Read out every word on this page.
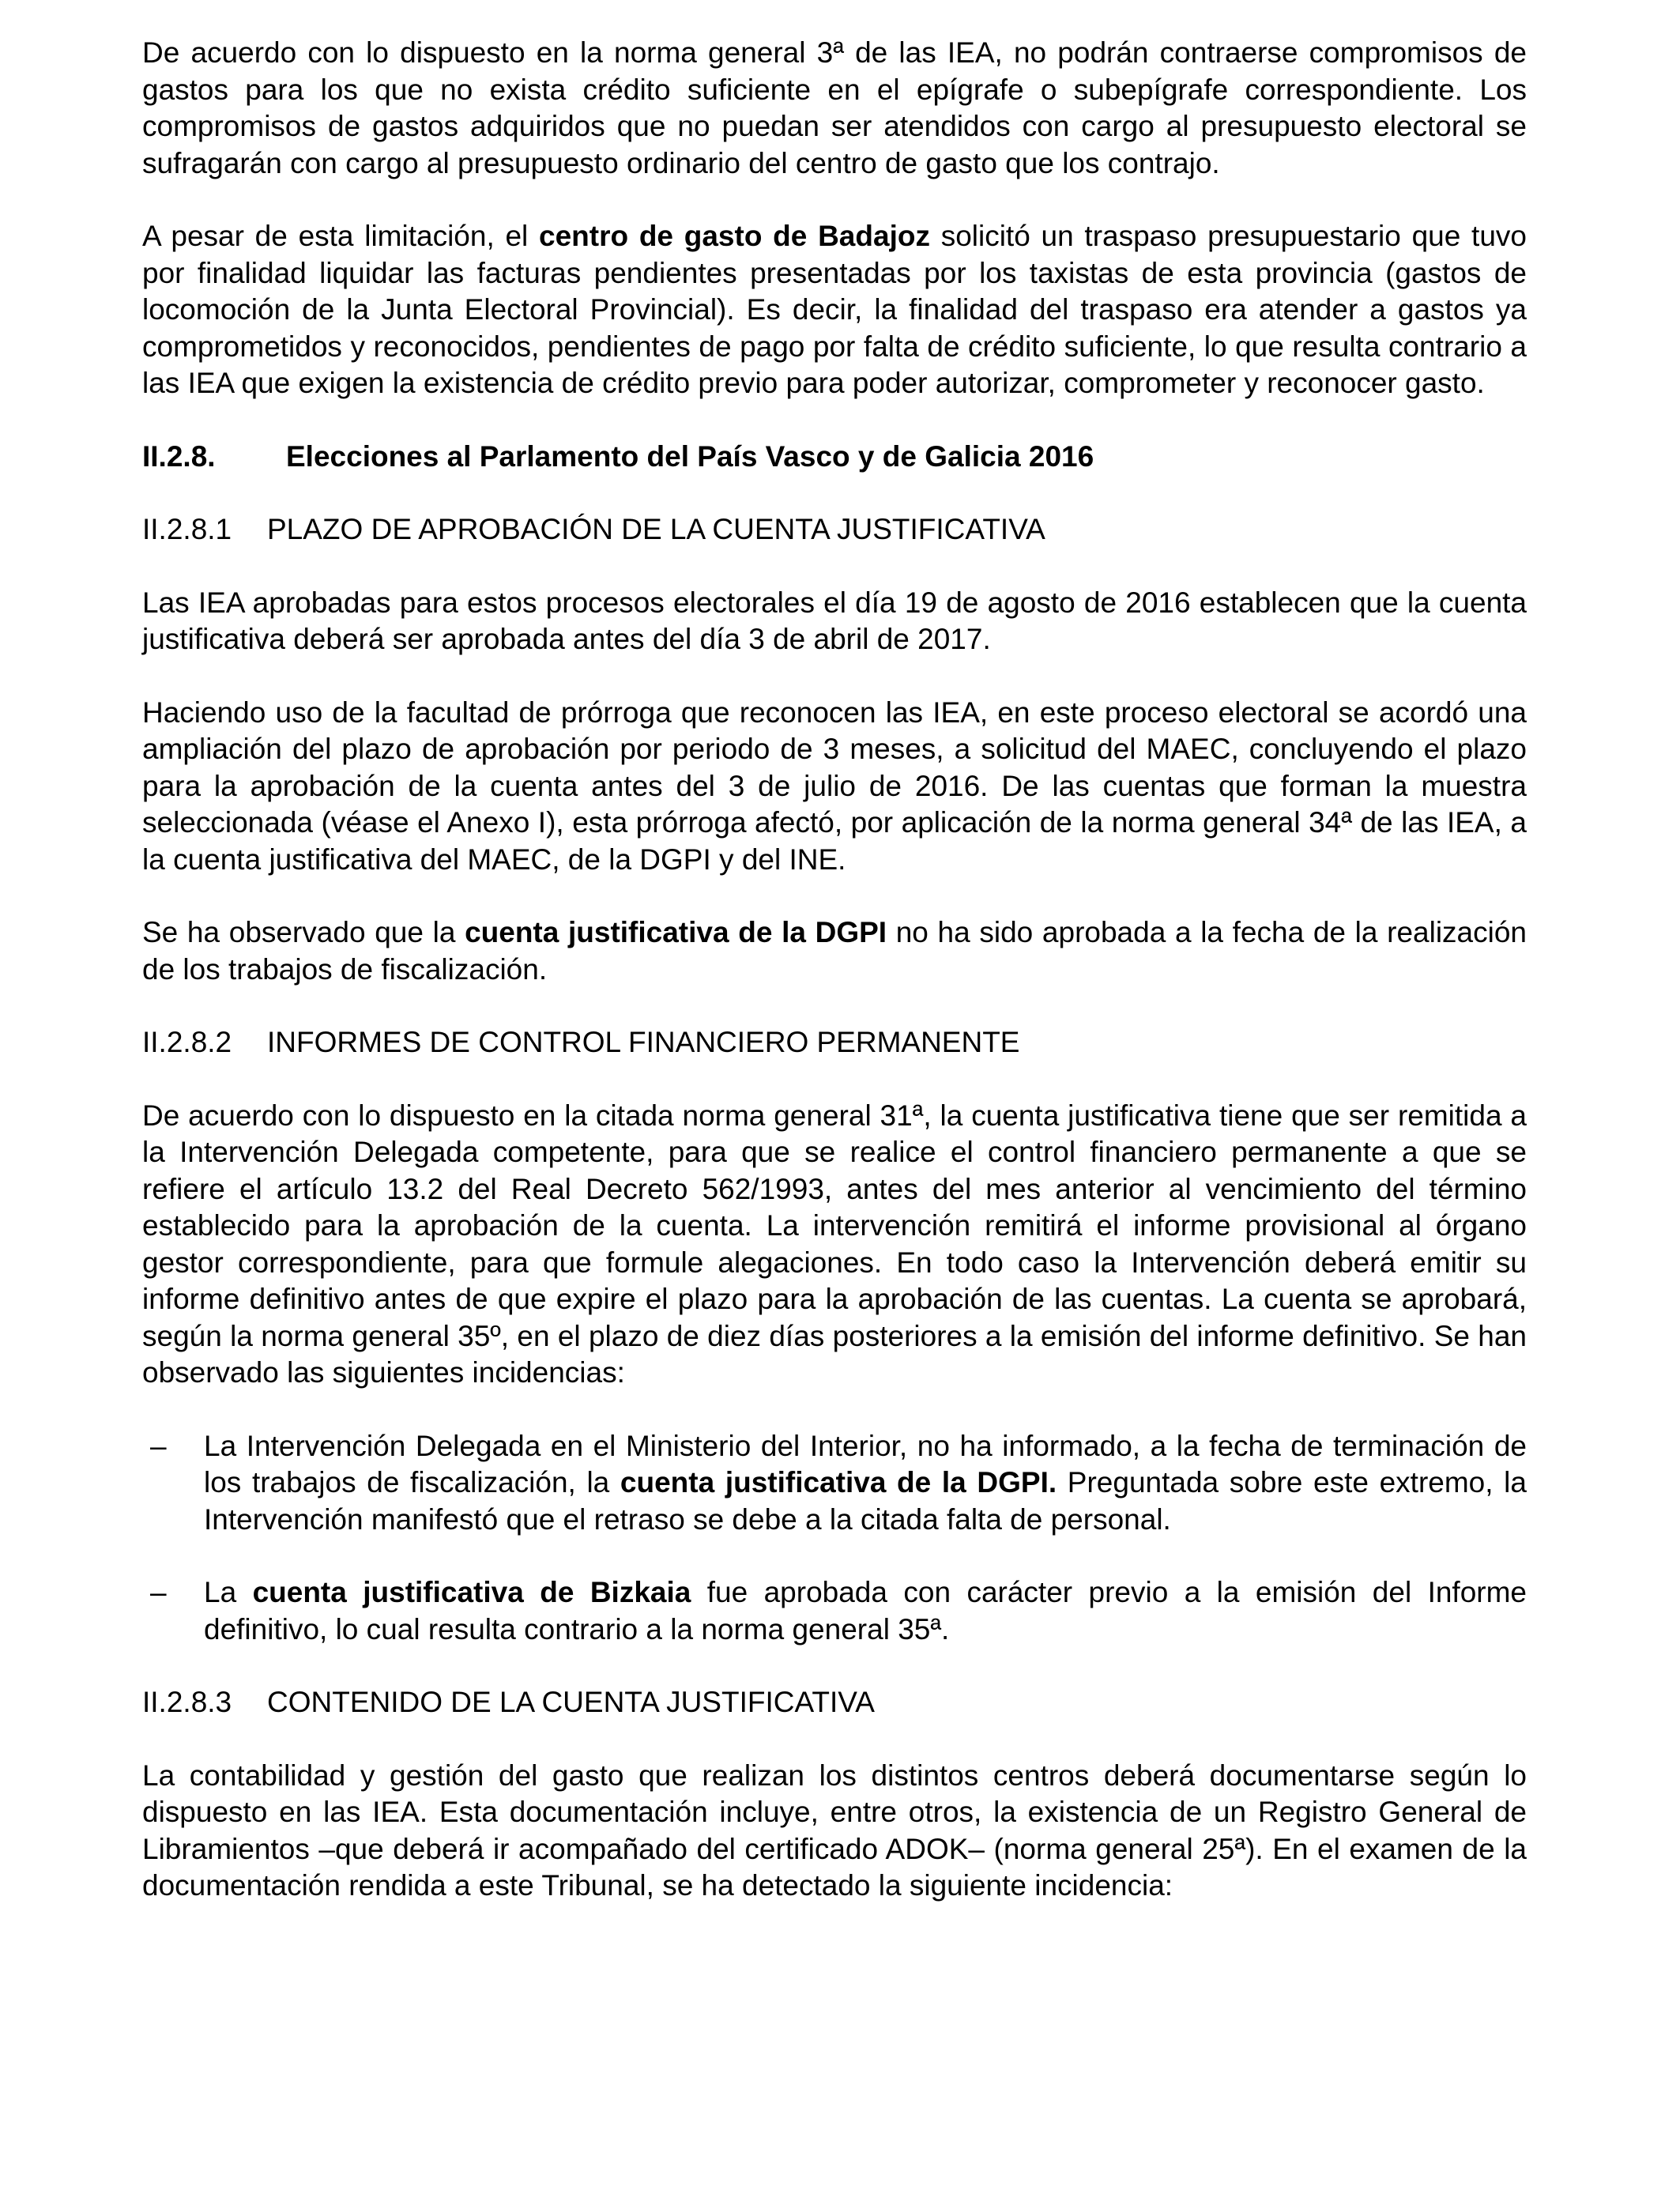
De acuerdo con lo dispuesto en la norma general 3ª de las IEA, no podrán contraerse compromisos de gastos para los que no exista crédito suficiente en el epígrafe o subepígrafe correspondiente. Los compromisos de gastos adquiridos que no puedan ser atendidos con cargo al presupuesto electoral se sufragarán con cargo al presupuesto ordinario del centro de gasto que los contrajo.

A pesar de esta limitación, el centro de gasto de Badajoz solicitó un traspaso presupuestario que tuvo por finalidad liquidar las facturas pendientes presentadas por los taxistas de esta provincia (gastos de locomoción de la Junta Electoral Provincial). Es decir, la finalidad del traspaso era atender a gastos ya comprometidos y reconocidos, pendientes de pago por falta de crédito suficiente, lo que resulta contrario a las IEA que exigen la existencia de crédito previo para poder autorizar, comprometer y reconocer gasto.

II.2.8.	Elecciones al Parlamento del País Vasco y de Galicia 2016
II.2.8.1	PLAZO DE APROBACIÓN DE LA CUENTA JUSTIFICATIVA

Las IEA aprobadas para estos procesos electorales el día 19 de agosto de 2016 establecen que la cuenta justificativa deberá ser aprobada antes del día 3 de abril de 2017.

Haciendo uso de la facultad de prórroga que reconocen las IEA, en este proceso electoral se acordó una ampliación del plazo de aprobación por periodo de 3 meses, a solicitud del MAEC, concluyendo el plazo para la aprobación de la cuenta antes del 3 de julio de 2016. De las cuentas que forman la muestra seleccionada (véase el Anexo I), esta prórroga afectó, por aplicación de la norma general 34ª de las IEA, a la cuenta justificativa del MAEC, de la DGPI y del INE.

Se ha observado que la cuenta justificativa de la DGPI no ha sido aprobada a la fecha de la realización de los trabajos de fiscalización.

II.2.8.2	INFORMES DE CONTROL FINANCIERO PERMANENTE

De acuerdo con lo dispuesto en la citada norma general 31ª, la cuenta justificativa tiene que ser remitida a la Intervención Delegada competente, para que se realice el control financiero permanente a que se refiere el artículo 13.2 del Real Decreto 562/1993, antes del mes anterior al vencimiento del término establecido para la aprobación de la cuenta. La intervención remitirá el informe provisional al órgano gestor correspondiente, para que formule alegaciones. En todo caso la Intervención deberá emitir su informe definitivo antes de que expire el plazo para la aprobación de las cuentas. La cuenta se aprobará, según la norma general 35º, en el plazo de diez días posteriores a la emisión del informe definitivo. Se han observado las siguientes incidencias:

–	La Intervención Delegada en el Ministerio del Interior, no ha informado, a la fecha de terminación de los trabajos de fiscalización, la cuenta justificativa de la DGPI. Preguntada sobre este extremo, la Intervención manifestó que el retraso se debe a la citada falta de personal.
–	La cuenta justificativa de Bizkaia fue aprobada con carácter previo a la emisión del Informe definitivo, lo cual resulta contrario a la norma general 35ª.
II.2.8.3	CONTENIDO DE LA CUENTA JUSTIFICATIVA

La contabilidad y gestión del gasto que realizan los distintos centros deberá documentarse según lo dispuesto en las IEA. Esta documentación incluye, entre otros, la existencia de un Registro General de Libramientos –que deberá ir acompañado del certificado ADOK– (norma general 25ª). En el examen de la documentación rendida a este Tribunal, se ha detectado la siguiente incidencia:
